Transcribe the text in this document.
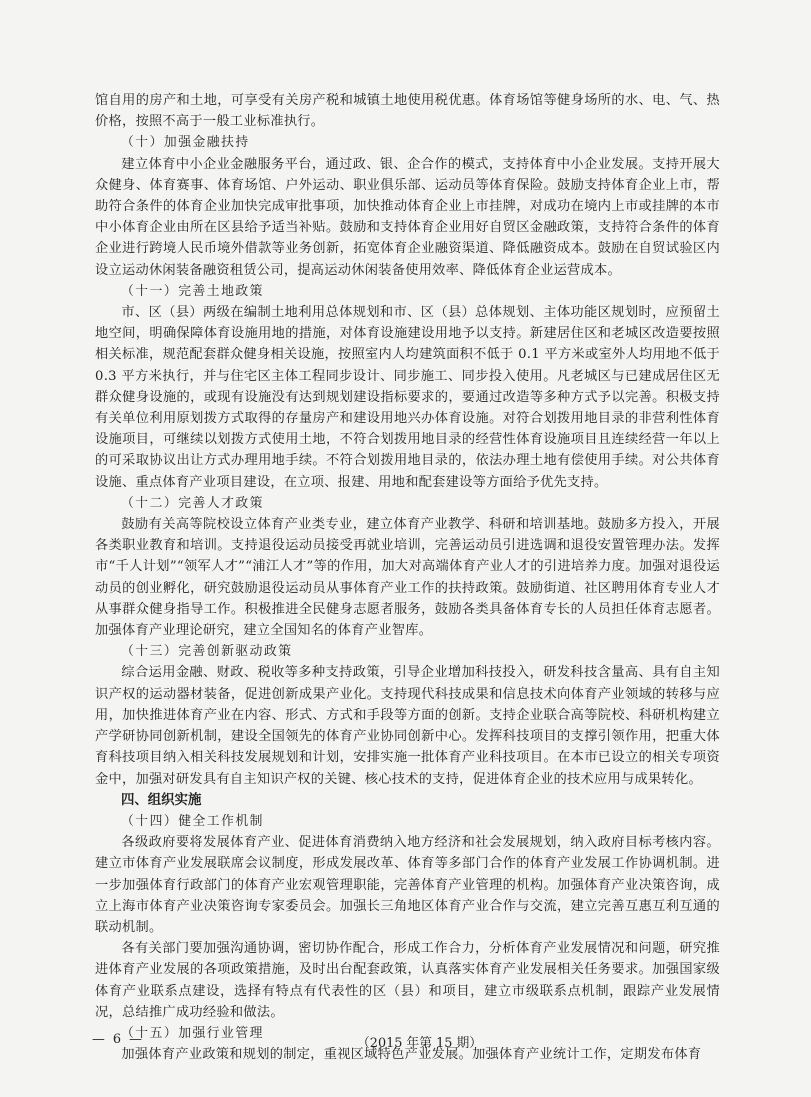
馆自用的房产和土地，可享受有关房产税和城镇土地使用税优惠。体育场馆等健身场所的水、电、气、热价格，按照不高于一般工业标准执行。

（十）加强金融扶持

建立体育中小企业金融服务平台，通过政、银、企合作的模式，支持体育中小企业发展。支持开展大众健身、体育赛事、体育场馆、户外运动、职业俱乐部、运动员等体育保险。鼓励支持体育企业上市，帮助符合条件的体育企业加快完成审批事项，加快推动体育企业上市挂牌，对成功在境内上市或挂牌的本市中小体育企业由所在区县给予适当补贴。鼓励和支持体育企业用好自贸区金融政策，支持符合条件的体育企业进行跨境人民币境外借款等业务创新，拓宽体育企业融资渠道、降低融资成本。鼓励在自贸试验区内设立运动休闲装备融资租赁公司，提高运动休闲装备使用效率、降低体育企业运营成本。

（十一）完善土地政策

市、区（县）两级在编制土地利用总体规划和市、区（县）总体规划、主体功能区规划时，应预留土地空间，明确保障体育设施用地的措施，对体育设施建设用地予以支持。新建居住区和老城区改造要按照相关标准，规范配套群众健身相关设施，按照室内人均建筑面积不低于 0.1 平方米或室外人均用地不低于 0.3 平方米执行，并与住宅区主体工程同步设计、同步施工、同步投入使用。凡老城区与已建成居住区无群众健身设施的，或现有设施没有达到规划建设指标要求的，要通过改造等多种方式予以完善。积极支持有关单位利用原划拨方式取得的存量房产和建设用地兴办体育设施。对符合划拨用地目录的非营利性体育设施项目，可继续以划拨方式使用土地，不符合划拨用地目录的经营性体育设施项目且连续经营一年以上的可采取协议出让方式办理用地手续。不符合划拨用地目录的，依法办理土地有偿使用手续。对公共体育设施、重点体育产业项目建设，在立项、报建、用地和配套建设等方面给予优先支持。

（十二）完善人才政策

鼓励有关高等院校设立体育产业类专业，建立体育产业教学、科研和培训基地。鼓励多方投入，开展各类职业教育和培训。支持退役运动员接受再就业培训，完善运动员引进选调和退役安置管理办法。发挥市“千人计划”“领军人才”“浦江人才”等的作用，加大对高端体育产业人才的引进培养力度。加强对退役运动员的创业孵化，研究鼓励退役运动员从事体育产业工作的扶持政策。鼓励街道、社区聘用体育专业人才从事群众健身指导工作。积极推进全民健身志愿者服务，鼓励各类具备体育专长的人员担任体育志愿者。加强体育产业理论研究，建立全国知名的体育产业智库。

（十三）完善创新驱动政策

综合运用金融、财政、税收等多种支持政策，引导企业增加科技投入，研发科技含量高、具有自主知识产权的运动器材装备，促进创新成果产业化。支持现代科技成果和信息技术向体育产业领域的转移与应用，加快推进体育产业在内容、形式、方式和手段等方面的创新。支持企业联合高等院校、科研机构建立产学研协同创新机制，建设全国领先的体育产业协同创新中心。发挥科技项目的支撑引领作用，把重大体育科技项目纳入相关科技发展规划和计划，安排实施一批体育产业科技项目。在本市已设立的相关专项资金中，加强对研发具有自主知识产权的关键、核心技术的支持，促进体育企业的技术应用与成果转化。

四、组织实施

（十四）健全工作机制

各级政府要将发展体育产业、促进体育消费纳入地方经济和社会发展规划，纳入政府目标考核内容。建立市体育产业发展联席会议制度，形成发展改革、体育等多部门合作的体育产业发展工作协调机制。进一步加强体育行政部门的体育产业宏观管理职能，完善体育产业管理的机构。加强体育产业决策咨询，成立上海市体育产业决策咨询专家委员会。加强长三角地区体育产业合作与交流，建立完善互惠互利互通的联动机制。

各有关部门要加强沟通协调，密切协作配合，形成工作合力，分析体育产业发展情况和问题，研究推进体育产业发展的各项政策措施，及时出台配套政策，认真落实体育产业发展相关任务要求。加强国家级体育产业联系点建设，选择有特点有代表性的区（县）和项目，建立市级联系点机制，跟踪产业发展情况，总结推广成功经验和做法。

（十五）加强行业管理

加强体育产业政策和规划的制定，重视区域特色产业发展。加强体育产业统计工作，定期发布体育

— 6 —	（2015 年第 15 期）
